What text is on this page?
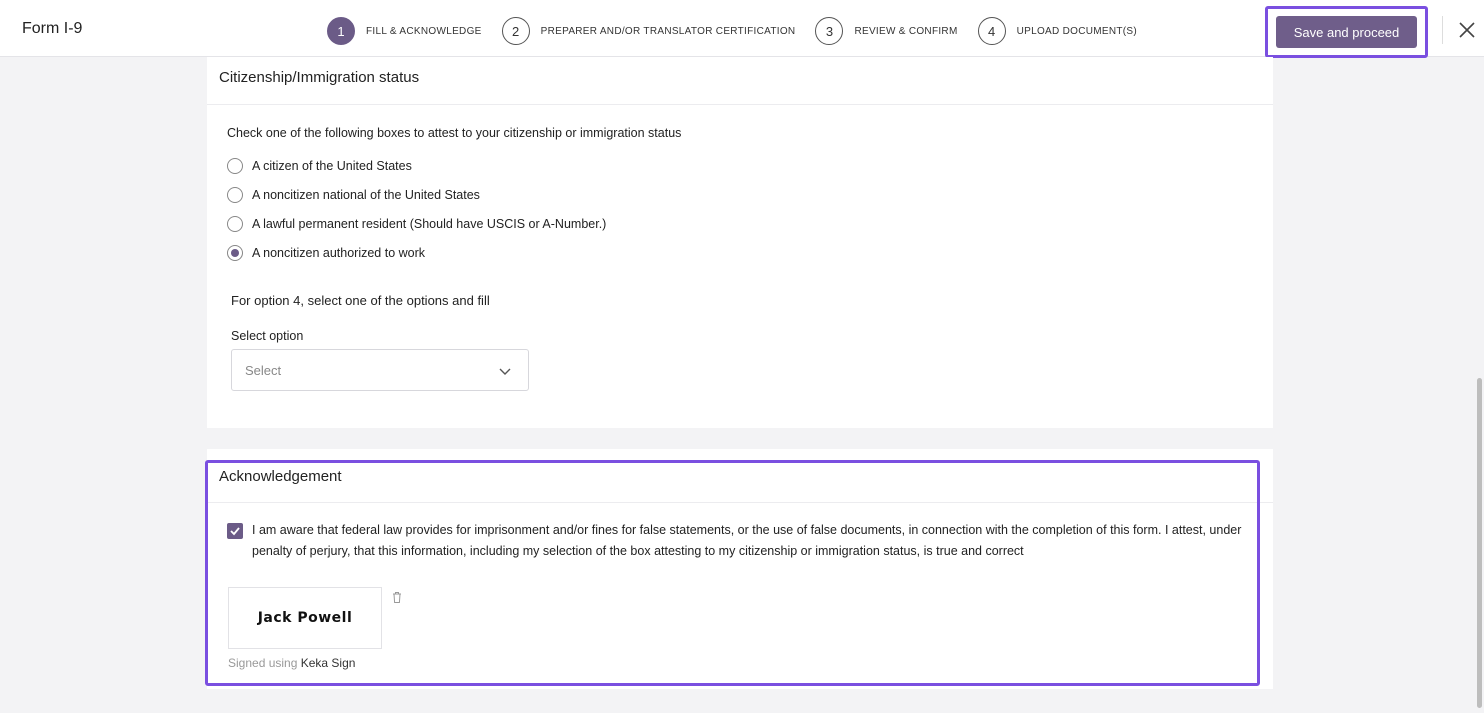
Form I-9	1	FILL & ACKNOWLEDGE	2	PREPARER AND/OR TRANSLATOR CERTIFICATION	3	REVIEW & CONFIRM	4	UPLOAD DOCUMENT(S)	Save and proceed
Citizenship/Immigration status
Check one of the following boxes to attest to your citizenship or immigration status
A citizen of the United States
A noncitizen national of the United States
A lawful permanent resident (Should have USCIS or A-Number.)
A noncitizen authorized to work
For option 4, select one of the options and fill
Select option
Select
Acknowledgement
I am aware that federal law provides for imprisonment and/or fines for false statements, or the use of false documents, in connection with the completion of this form. I attest, under penalty of perjury, that this information, including my selection of the box attesting to my citizenship or immigration status, is true and correct
Jack Powell
Signed using Keka Sign
